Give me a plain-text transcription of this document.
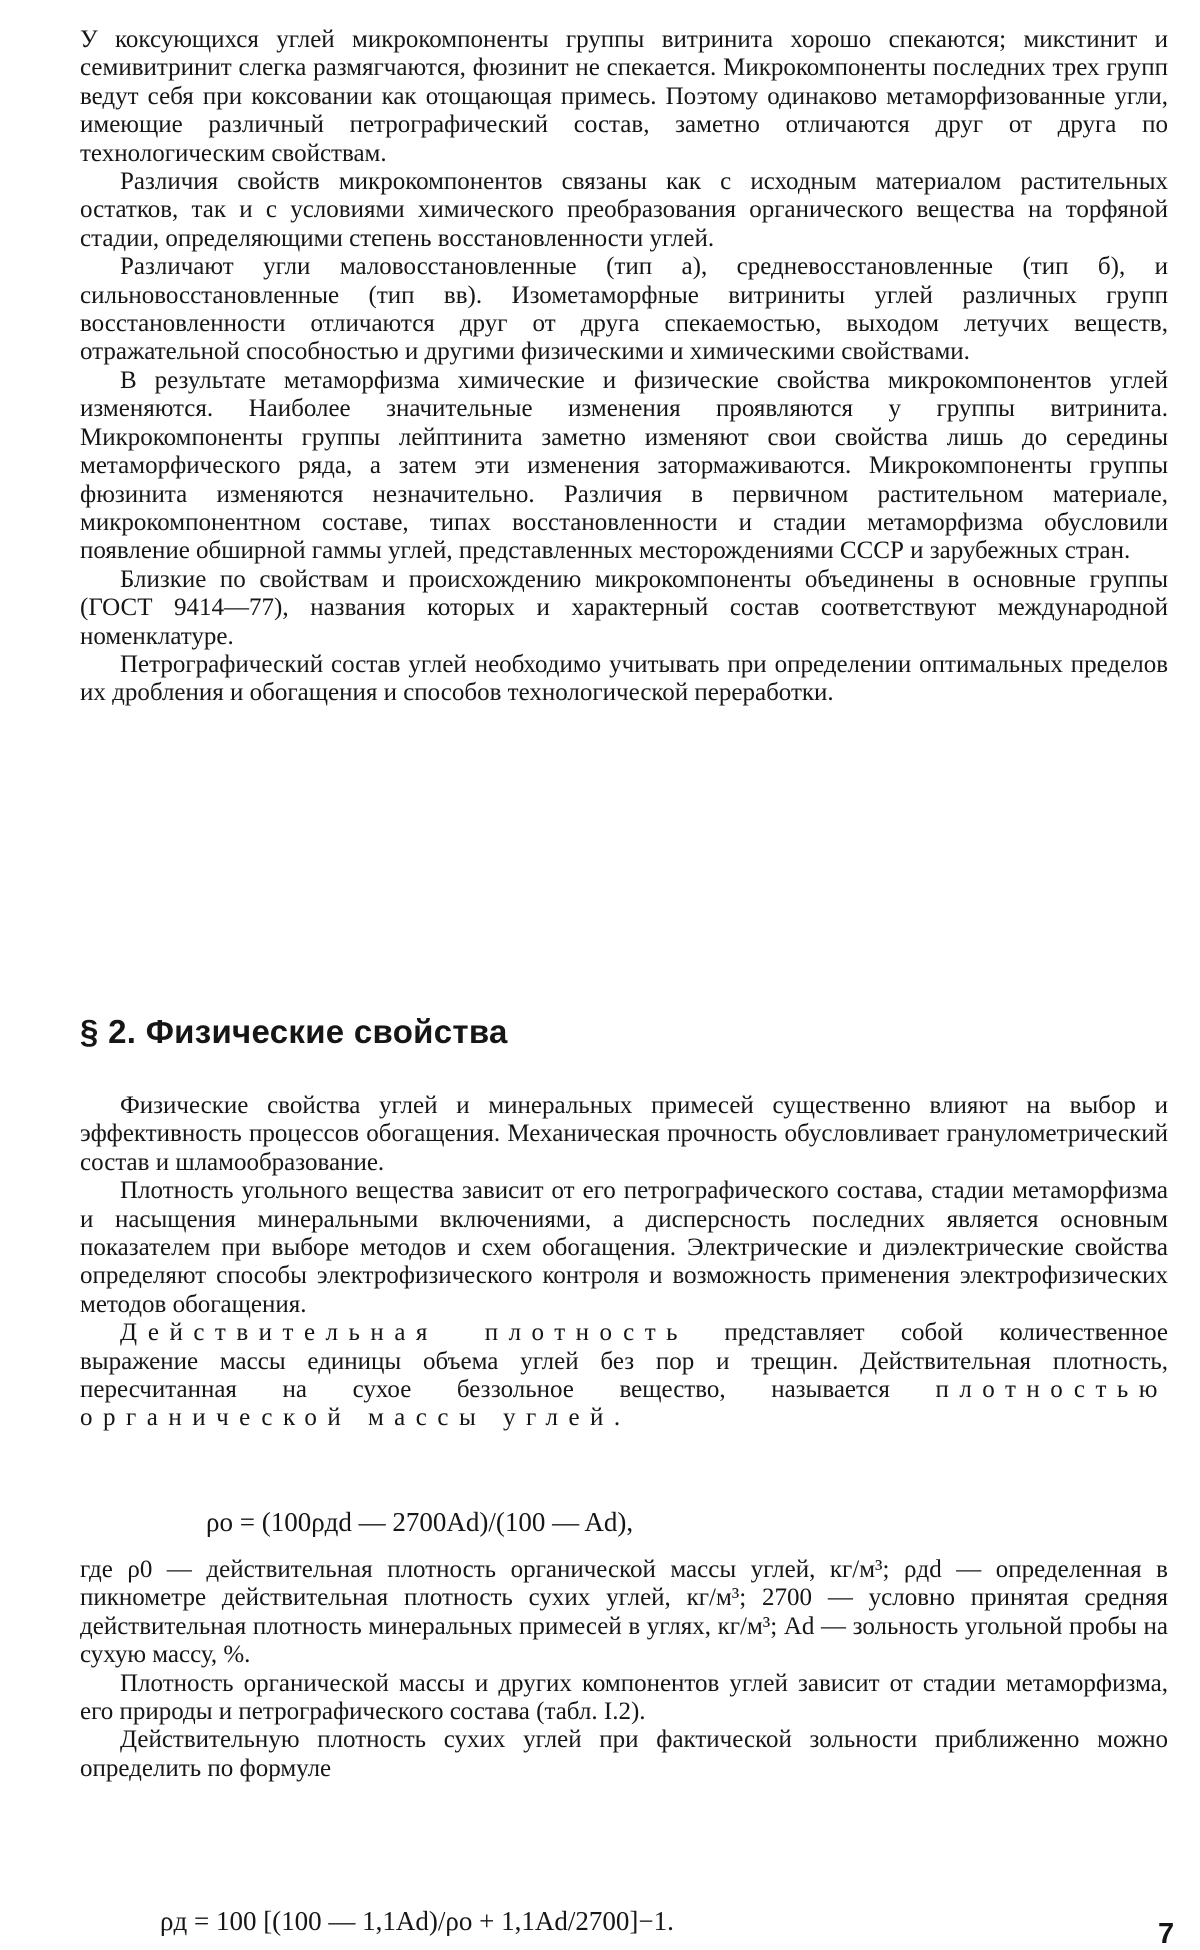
У коксующихся углей микрокомпоненты группы витринита хорошо спекаются; микстинит и семивитринит слегка размягчаются, фюзинит не спекается. Микрокомпоненты последних трех групп ведут себя при коксовании как отощающая примесь. Поэтому одинаково метаморфизованные угли, имеющие различный петрографический состав, заметно отличаются друг от друга по технологическим свойствам.

Различия свойств микрокомпонентов связаны как с исходным материалом растительных остатков, так и с условиями химического преобразования органического вещества на торфяной стадии, определяющими степень восстановленности углей.

Различают угли маловосстановленные (тип а), средневосстановленные (тип б), и сильновосстановленные (тип вв). Изометаморфные витриниты углей различных групп восстановленности отличаются друг от друга спекаемостью, выходом летучих веществ, отражательной способностью и другими физическими и химическими свойствами.

В результате метаморфизма химические и физические свойства микрокомпонентов углей изменяются. Наиболее значительные изменения проявляются у группы витринита. Микрокомпоненты группы лейптинита заметно изменяют свои свойства лишь до середины метаморфического ряда, а затем эти изменения затормаживаются. Микрокомпоненты группы фюзинита изменяются незначительно. Различия в первичном растительном материале, микрокомпонентном составе, типах восстановленности и стадии метаморфизма обусловили появление обширной гаммы углей, представленных месторождениями СССР и зарубежных стран.

Близкие по свойствам и происхождению микрокомпоненты объединены в основные группы (ГОСТ 9414—77), названия которых и характерный состав соответствуют международной номенклатуре.

Петрографический состав углей необходимо учитывать при определении оптимальных пределов их дробления и обогащения и способов технологической переработки.

§ 2. Физические свойства

Физические свойства углей и минеральных примесей существенно влияют на выбор и эффективность процессов обогащения. Механическая прочность обусловливает гранулометрический состав и шламообразование.

Плотность угольного вещества зависит от его петрографического состава, стадии метаморфизма и насыщения минеральными включениями, а дисперсность последних является основным показателем при выборе методов и схем обогащения. Электрические и диэлектрические свойства определяют способы электрофизического контроля и возможность применения электрофизических методов обогащения.

Действительная плотность представляет собой количественное выражение массы единицы объема углей без пор и трещин. Действительная плотность, пересчитанная на сухое беззольное вещество, называется плотностью органической массы углей.

ρo = (100ρдd — 2700Ad)/(100 — Ad),

где ρ0 — действительная плотность органической массы углей, кг/м³; ρдd — определенная в пикнометре действительная плотность сухих углей, кг/м³; 2700 — условно принятая средняя действительная плотность минеральных примесей в углях, кг/м³; Ad — зольность угольной пробы на сухую массу, %.

Плотность органической массы и других компонентов углей зависит от стадии метаморфизма, его природы и петрографического состава (табл. I.2).

Действительную плотность сухих углей при фактической зольности приближенно можно определить по формуле

ρд = 100 [(100 — 1,1Ad)/ρo + 1,1Ad/2700]−1.	7
